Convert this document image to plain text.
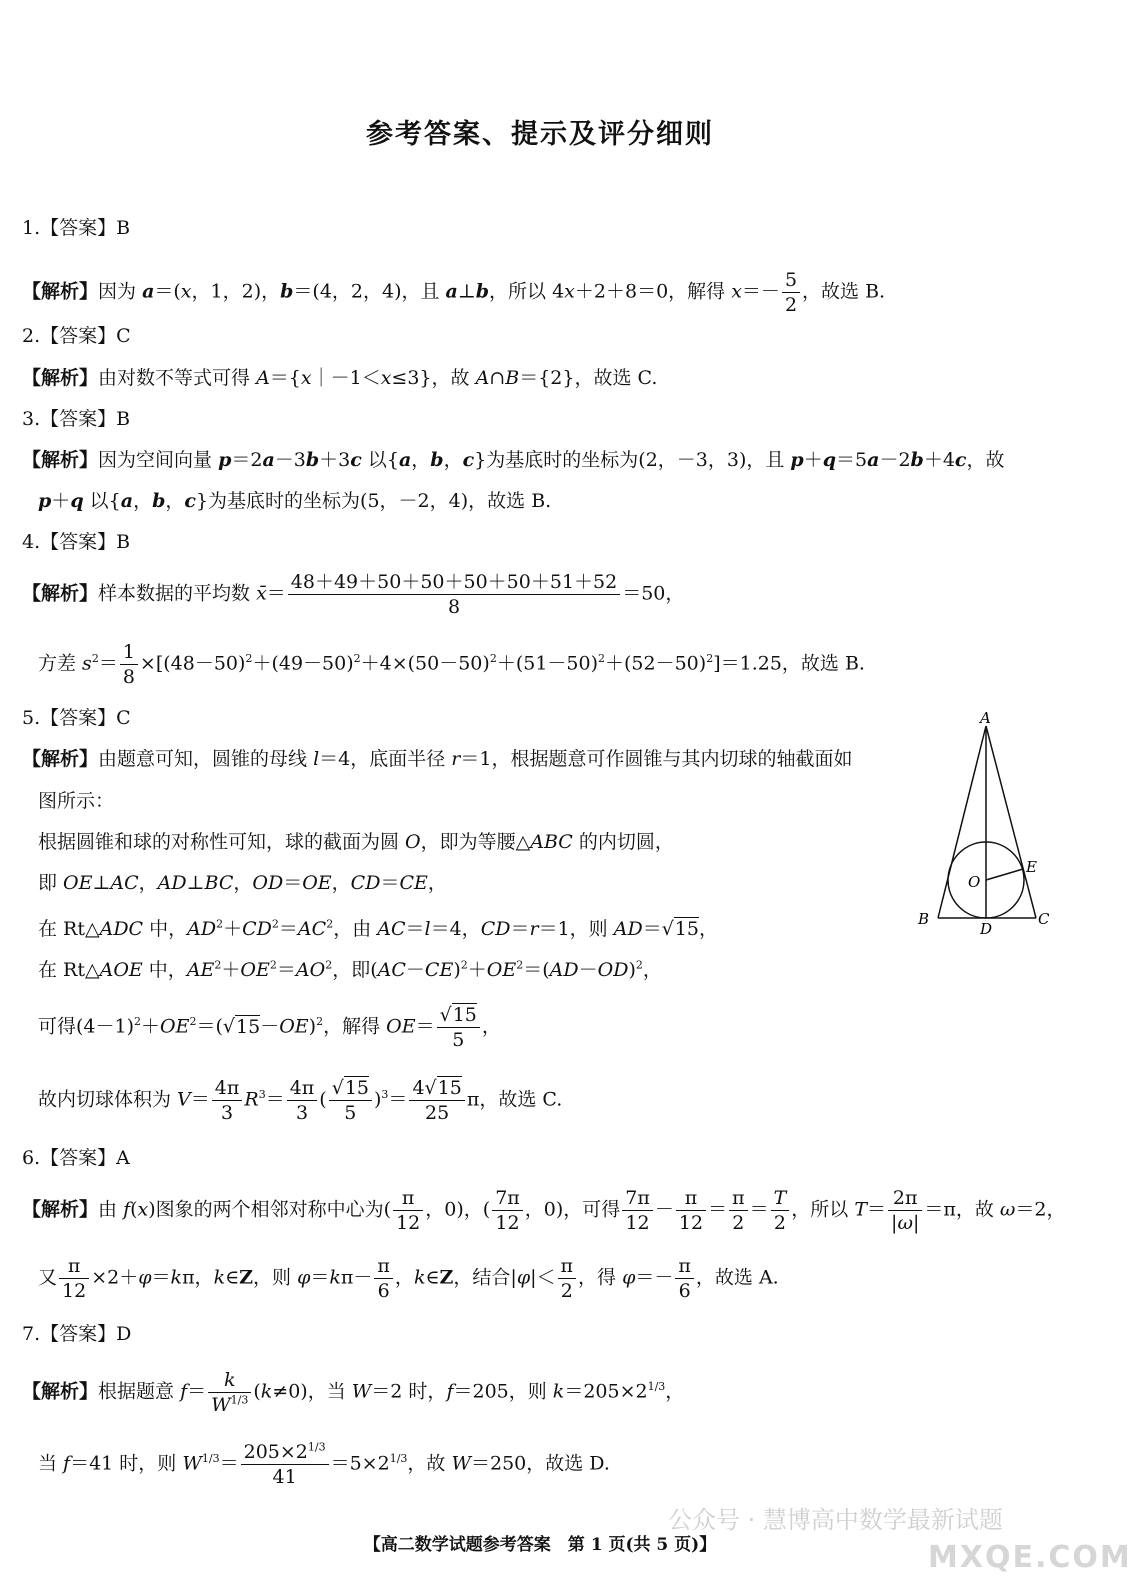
参考答案、提示及评分细则
1.【答案】B
【解析】因为 a＝(x，1，2)，b＝(4，2，4)，且 a⊥b，所以 4x＋2＋8＝0，解得 $x=- \frac{5}{2}$ ，故选 B.
2.【答案】C
【解析】由对数不等式可得 A＝{x｜－1＜x≤3}，故 A∩B＝{2}，故选 C.
3.【答案】B
【解析】因为空间向量 p＝2a－3b＋3c 以{a，b，c}为基底时的坐标为(2，－3，3)，且 p＋q＝5a－2b＋4c，故
p＋q 以{a，b，c}为基底时的坐标为(5，－2，4)，故选 B.
4.【答案】B
【解析】样本数据的平均数 x̄＝ $\frac{48+49+50+50+50+50+51+52}{8} =50$，
方差 $s^2= \frac{1}{8} \times[(48-50)^2+(49-50)^2+4\times(50-50)^2+(51-50)^2+(52-50)^2]=1.25$，故选 B.
5.【答案】C
【解析】由题意可知，圆锥的母线 l＝4，底面半径 r＝1，根据题意可作圆锥与其内切球的轴截面如
图所示：
根据圆锥和球的对称性可知，球的截面为圆 O，即为等腰△ABC 的内切圆，
即 OE⊥AC，AD⊥BC，OD＝OE，CD＝CE，
在 Rt△ADC 中，$AD^2+CD^2=AC^2$，由 AC＝l＝4，CD＝r＝1，则 AD＝√15，
在 Rt△AOE 中，$AE^2+OE^2=AO^2$，即$(AC-CE)^2+OE^2=(AD-OD)^2$，
可得$(4-1)^2+OE^2=(√15-OE)^2$，解得 $OE= \frac{√15}{5}$ ，
故内切球体积为 $V= \frac{4\pi}{3} R^3= \frac{4\pi}{3}$ ( $\frac{√15}{5} )^3= \frac{4√15}{25}$ π，故选 C.
A
B	C
D
E
O
6.【答案】A
【解析】由 f(x)图象的两个相邻对称中心为( $\frac{\pi}{12}$ ，0)，( $\frac{7\pi}{12}$ ，0)，可得 $\frac{7\pi}{12} - \frac{\pi}{12} = \frac{\pi}{2} = \frac{T}{2}$ ，所以 $T= \frac{2\pi}{|\omega|} =\pi$，故 ω＝2，
又 $\frac{\pi}{12} \times 2+\varphi=k\pi$，k∈Z，则 $\varphi=k\pi- \frac{\pi}{6}$ ，k∈Z，结合$|\varphi|< \frac{\pi}{2}$ ，得 $\varphi=- \frac{\pi}{6}$ ，故选 A.
7.【答案】D
【解析】根据题意 $f= \frac{k}{W^{1/3}} (k\ne 0)$，当 W＝2 时，f＝205，则 $k=205\times 2^{1/3}$，
当 f＝41 时，则 $W^{1/3}= \frac{205\times 2^{1/3}}{41} =5\times 2^{1/3}$，故 W＝250，故选 D.
公众号 · 慧博高中数学最新试题
MXQE.COM
【高二数学试题参考答案　第 1 页(共 5 页)】
